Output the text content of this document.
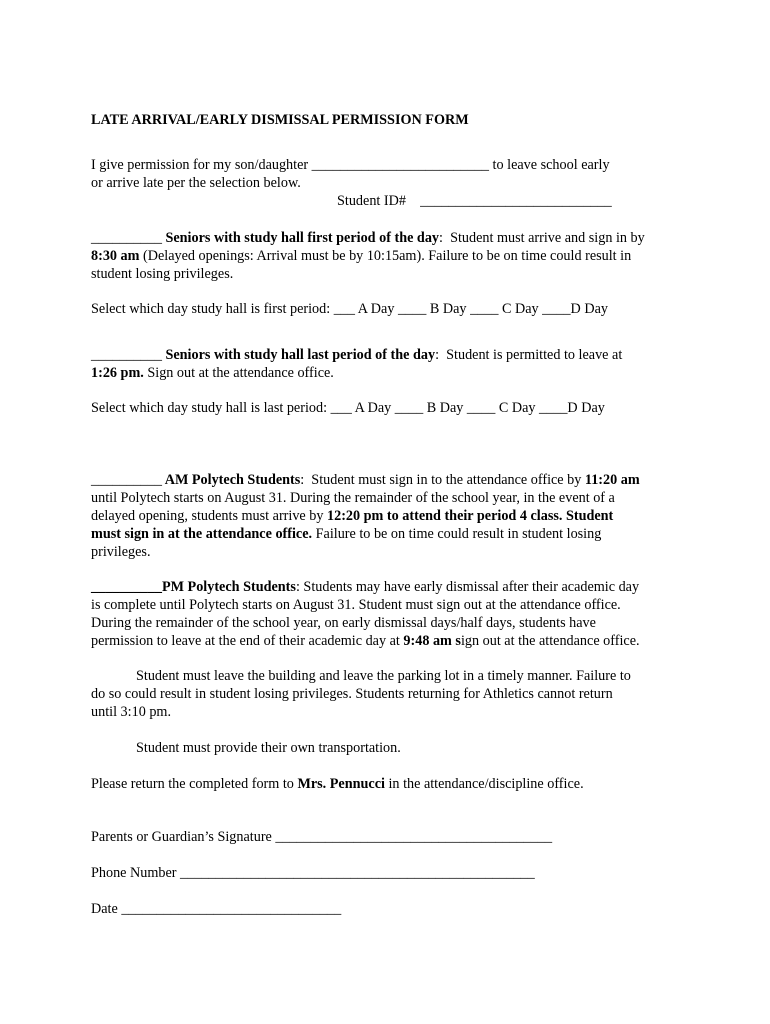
LATE ARRIVAL/EARLY DISMISSAL PERMISSION FORM
I give permission for my son/daughter _________________________ to leave school early
or arrive late per the selection below.
Student ID#    ___________________________
__________ Seniors with study hall first period of the day:  Student must arrive and sign in by
8:30 am (Delayed openings: Arrival must be by 10:15am). Failure to be on time could result in
student losing privileges.
Select which day study hall is first period: ___ A Day ____ B Day ____ C Day ____D Day
__________ Seniors with study hall last period of the day:  Student is permitted to leave at
1:26 pm. Sign out at the attendance office.
Select which day study hall is last period: ___ A Day ____ B Day ____ C Day ____D Day
__________ AM Polytech Students:  Student must sign in to the attendance office by 11:20 am
until Polytech starts on August 31. During the remainder of the school year, in the event of a
delayed opening, students must arrive by 12:20 pm to attend their period 4 class. Student
must sign in at the attendance office. Failure to be on time could result in student losing
privileges.
__________PM Polytech Students: Students may have early dismissal after their academic day
is complete until Polytech starts on August 31. Student must sign out at the attendance office.
During the remainder of the school year, on early dismissal days/half days, students have
permission to leave at the end of their academic day at 9:48 am sign out at the attendance office.
Student must leave the building and leave the parking lot in a timely manner. Failure to
do so could result in student losing privileges. Students returning for Athletics cannot return
until 3:10 pm.
Student must provide their own transportation.
Please return the completed form to Mrs. Pennucci in the attendance/discipline office.
Parents or Guardian’s Signature _______________________________________
Phone Number __________________________________________________
Date _______________________________
